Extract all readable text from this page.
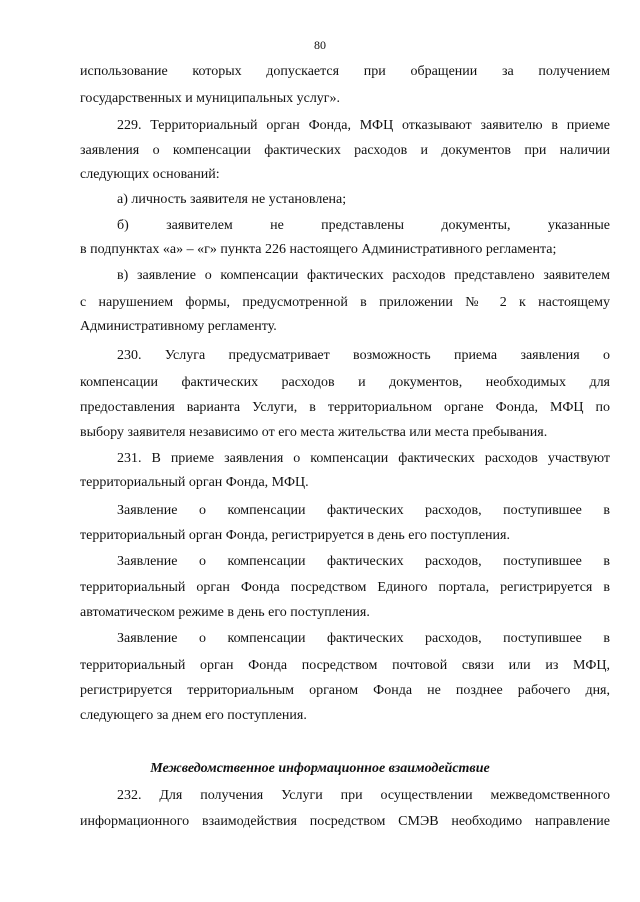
80
использование которых допускается при обращении за получением
государственных и муниципальных услуг».
229. Территориальный орган Фонда, МФЦ отказывают заявителю в приеме
заявления о компенсации фактических расходов и документов при наличии
следующих оснований:
а) личность заявителя не установлена;
б) заявителем не представлены документы, указанные
в подпунктах «а» – «г» пункта 226 настоящего Административного регламента;
в) заявление о компенсации фактических расходов представлено заявителем
с нарушением формы, предусмотренной в приложении № 2 к настоящему
Административному регламенту.
230. Услуга предусматривает возможность приема заявления о
компенсации фактических расходов и документов, необходимых для
предоставления варианта Услуги, в территориальном органе Фонда, МФЦ по
выбору заявителя независимо от его места жительства или места пребывания.
231. В приеме заявления о компенсации фактических расходов участвуют
территориальный орган Фонда, МФЦ.
Заявление о компенсации фактических расходов, поступившее в
территориальный орган Фонда, регистрируется в день его поступления.
Заявление о компенсации фактических расходов, поступившее в
территориальный орган Фонда посредством Единого портала, регистрируется в
автоматическом режиме в день его поступления.
Заявление о компенсации фактических расходов, поступившее в
территориальный орган Фонда посредством почтовой связи или из МФЦ,
регистрируется территориальным органом Фонда не позднее рабочего дня,
следующего за днем его поступления.
Межведомственное информационное взаимодействие
232. Для получения Услуги при осуществлении межведомственного
информационного взаимодействия посредством СМЭВ необходимо направление
